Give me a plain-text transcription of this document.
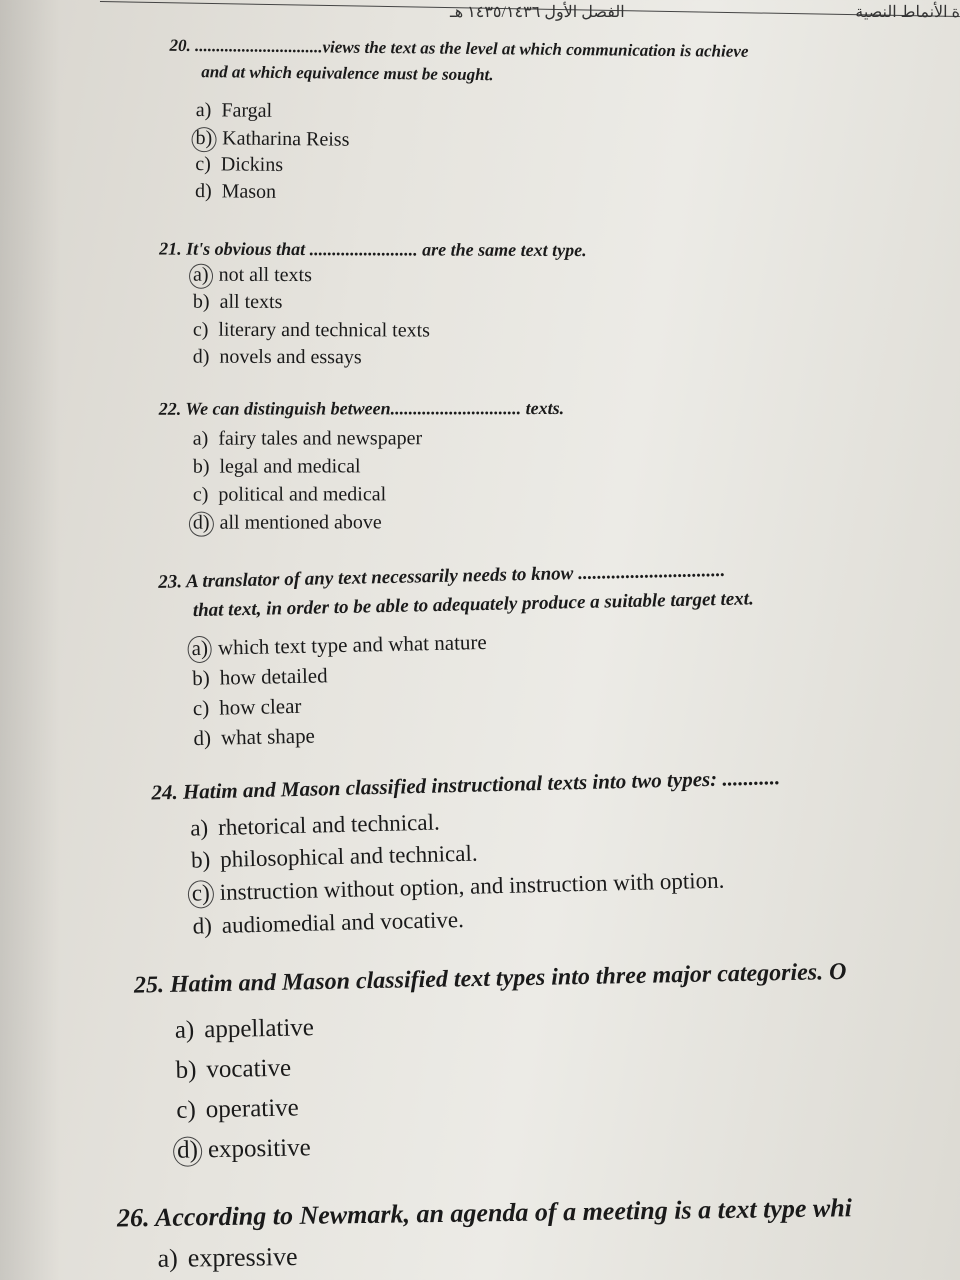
ة الأنماط النصية
الفصل الأول ١٤٣٥/١٤٣٦ هـ
20. ..............................views the text as the level at which communication is achieve
and at which equivalence must be sought.
a) Fargal
b) Katharina Reiss
c) Dickins
d) Mason
21. It's obvious that ........................ are the same text type.
a) not all texts
b) all texts
c) literary and technical texts
d) novels and essays
22. We can distinguish between............................. texts.
a) fairy tales and newspaper
b) legal and medical
c) political and medical
d) all mentioned above
23. A translator of any text necessarily needs to know ...............................
that text, in order to be able to adequately produce a suitable target text.
a) which text type and what nature
b) how detailed
c) how clear
d) what shape
24. Hatim and Mason classified instructional texts into two types: ...........
a) rhetorical and technical.
b) philosophical and technical.
c) instruction without option, and instruction with option.
d) audiomedial and vocative.
25. Hatim and Mason classified text types into three major categories. O
a) appellative
b) vocative
c) operative
d) expositive
26. According to Newmark, an agenda of a meeting is a text type whi
a) expressive
